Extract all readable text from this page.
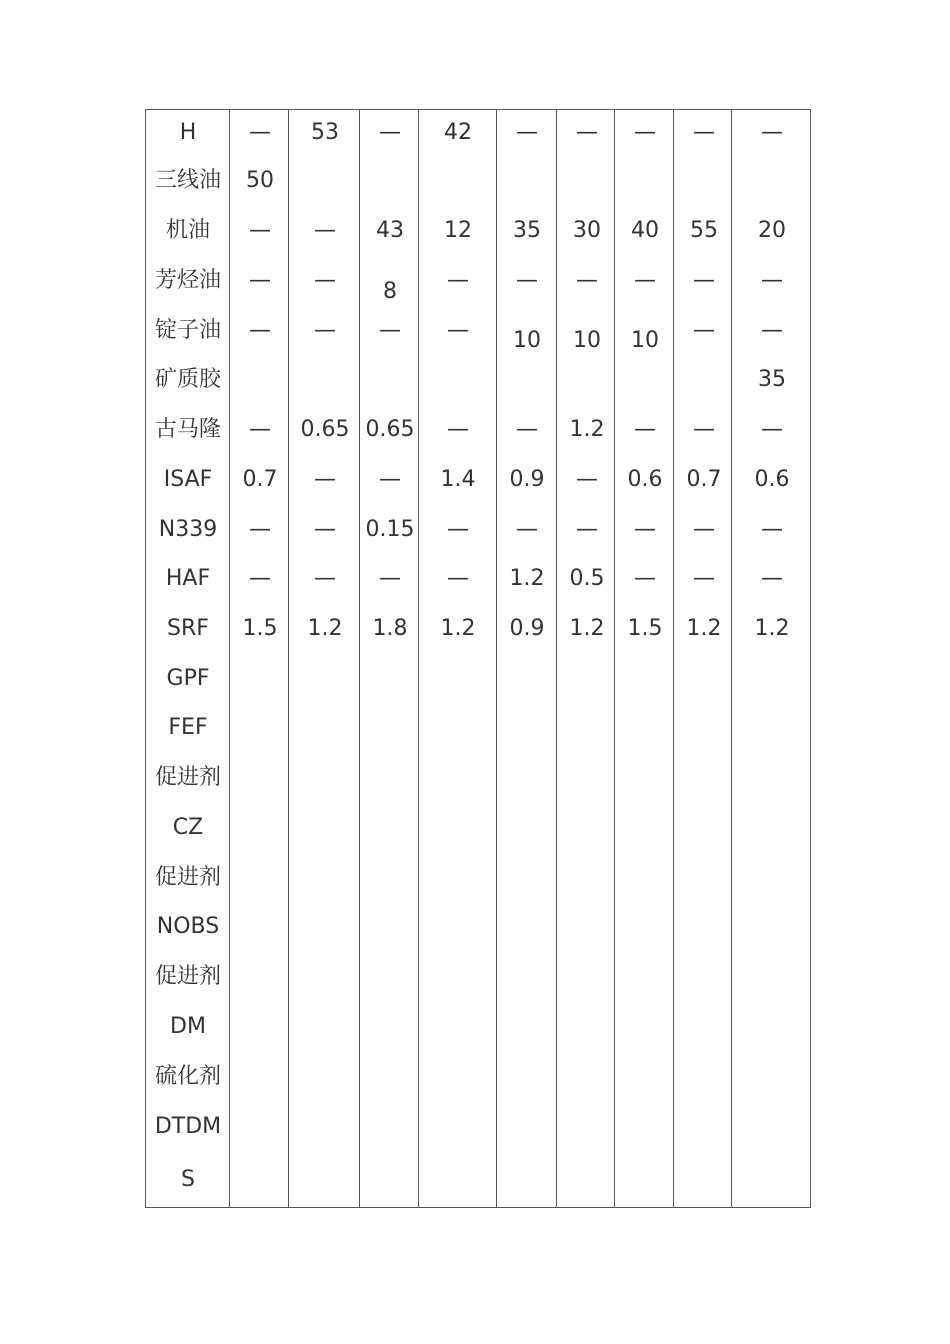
H — 53 — 42 — — — — —
三线油 50
机油 — — 43 12 35 30 40 55 20
芳烃油 — — 8 — — — — — —
锭子油 — — — — 10 10 10 — —
矿质胶	35
古马隆 — 0.65 0.65 — — 1.2 — — —
ISAF 0.7 — — 1.4 0.9 — 0.6 0.7 0.6
N339 — — 0.15 — — — — — —
HAF — — — — 1.2 0.5 — — —
SRF 1.5 1.2 1.8 1.2 0.9 1.2 1.5 1.2 1.2
GPF
FEF
促进剂
CZ
促进剂
NOBS
促进剂
DM
硫化剂
DTDM
S
